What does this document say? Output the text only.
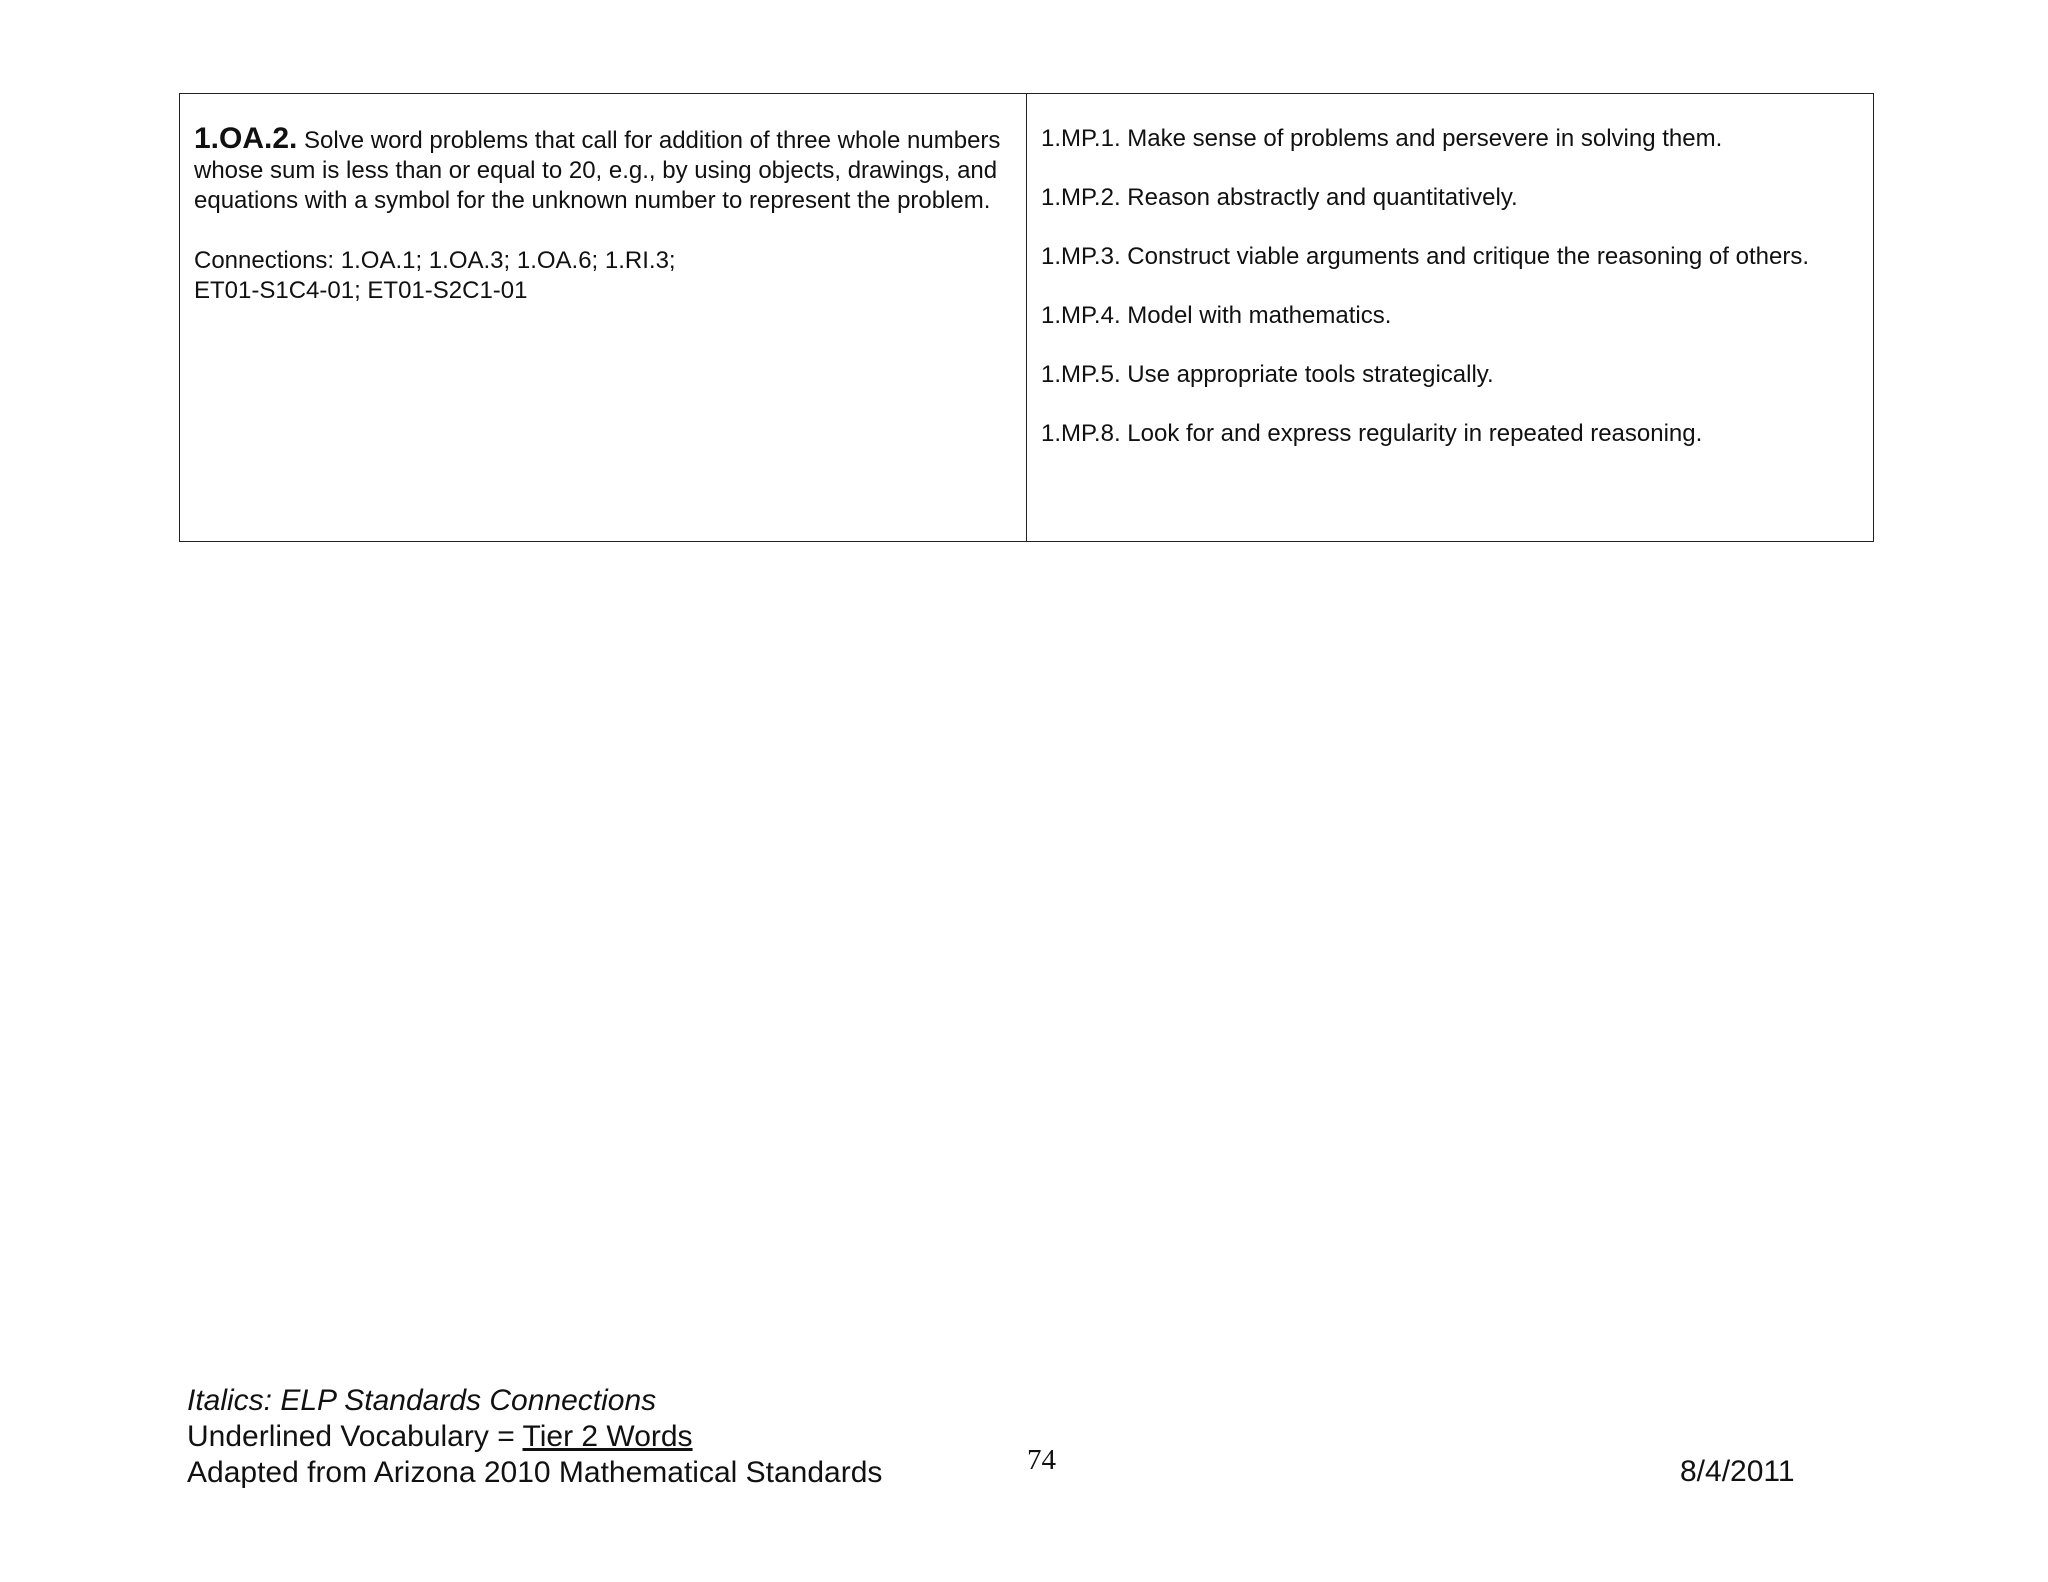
1.OA.2. Solve word problems that call for addition of three whole numbers whose sum is less than or equal to 20, e.g., by using objects, drawings, and equations with a symbol for the unknown number to represent the problem.

Connections: 1.OA.1; 1.OA.3; 1.OA.6; 1.RI.3;
ET01-S1C4-01; ET01-S2C1-01
1.MP.1. Make sense of problems and persevere in solving them.
1.MP.2. Reason abstractly and quantitatively.
1.MP.3. Construct viable arguments and critique the reasoning of others.
1.MP.4. Model with mathematics.
1.MP.5. Use appropriate tools strategically.
1.MP.8. Look for and express regularity in repeated reasoning.
Italics: ELP Standards Connections
Underlined Vocabulary = Tier 2 Words
Adapted from Arizona 2010 Mathematical Standards	74	8/4/2011
